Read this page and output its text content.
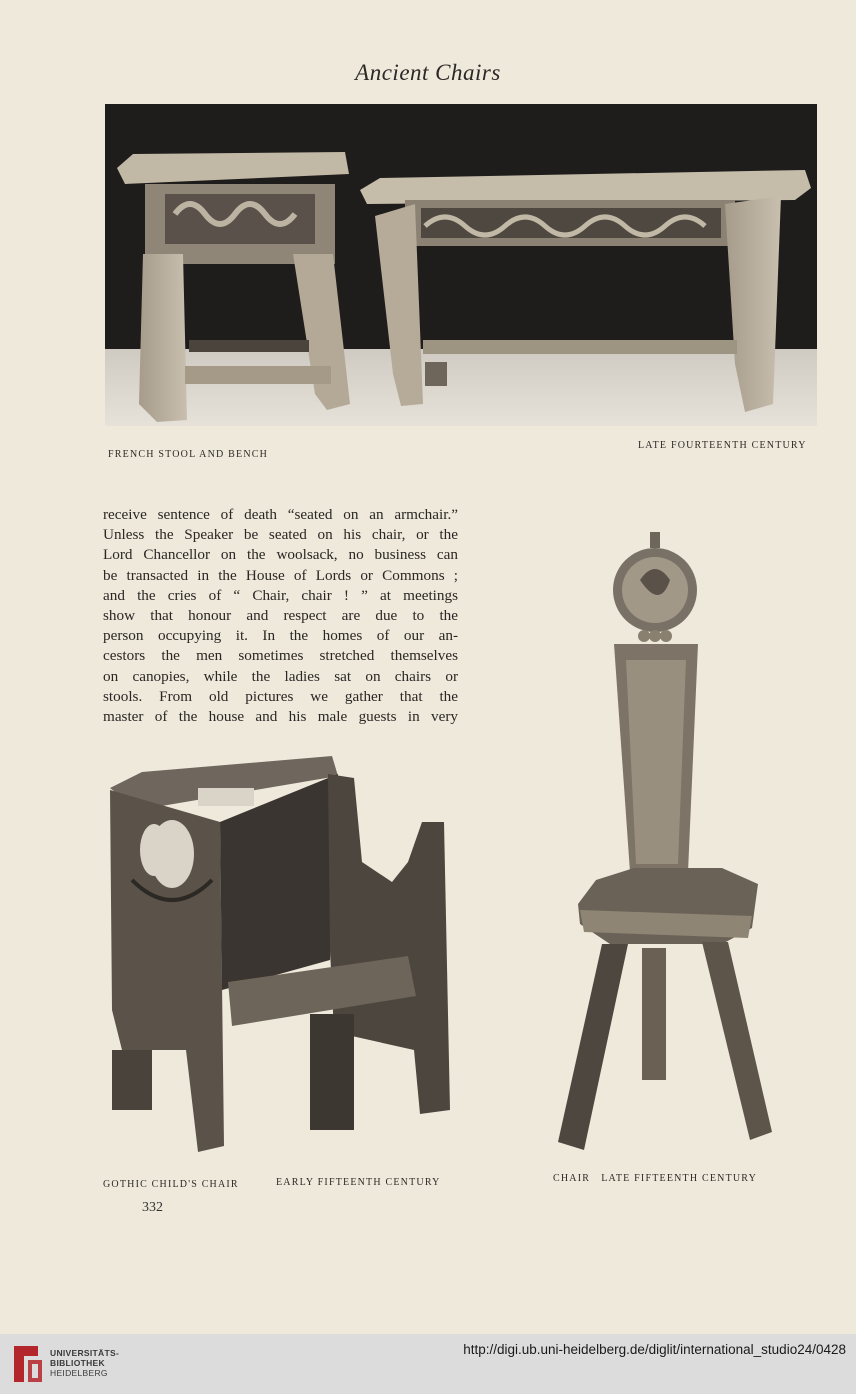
Ancient Chairs
FRENCH STOOL AND BENCH
LATE FOURTEENTH CENTURY

receive sentence of death “seated on an armchair.”

Unless the Speaker be seated on his chair, or the

Lord Chancellor on the woolsack, no business can

be transacted in the House of Lords or Commons ;

and the cries of “ Chair, chair ! ” at meetings

show that honour and respect are due to the

person occupying it. In the homes of our an-

cestors the men sometimes stretched themselves

on canopies, while the ladies sat on chairs or

stools. From old pictures we gather that the

master of the house and his male guests in very

GOTHIC CHILD'S CHAIR	EARLY FIFTEENTH CENTURY	CHAIR   LATE FIFTEENTH CENTURY
332
UNIVERSITÄTS-
BIBLIOTHEK
HEIDELBERG
http://digi.ub.uni-heidelberg.de/diglit/international_studio24/0428
